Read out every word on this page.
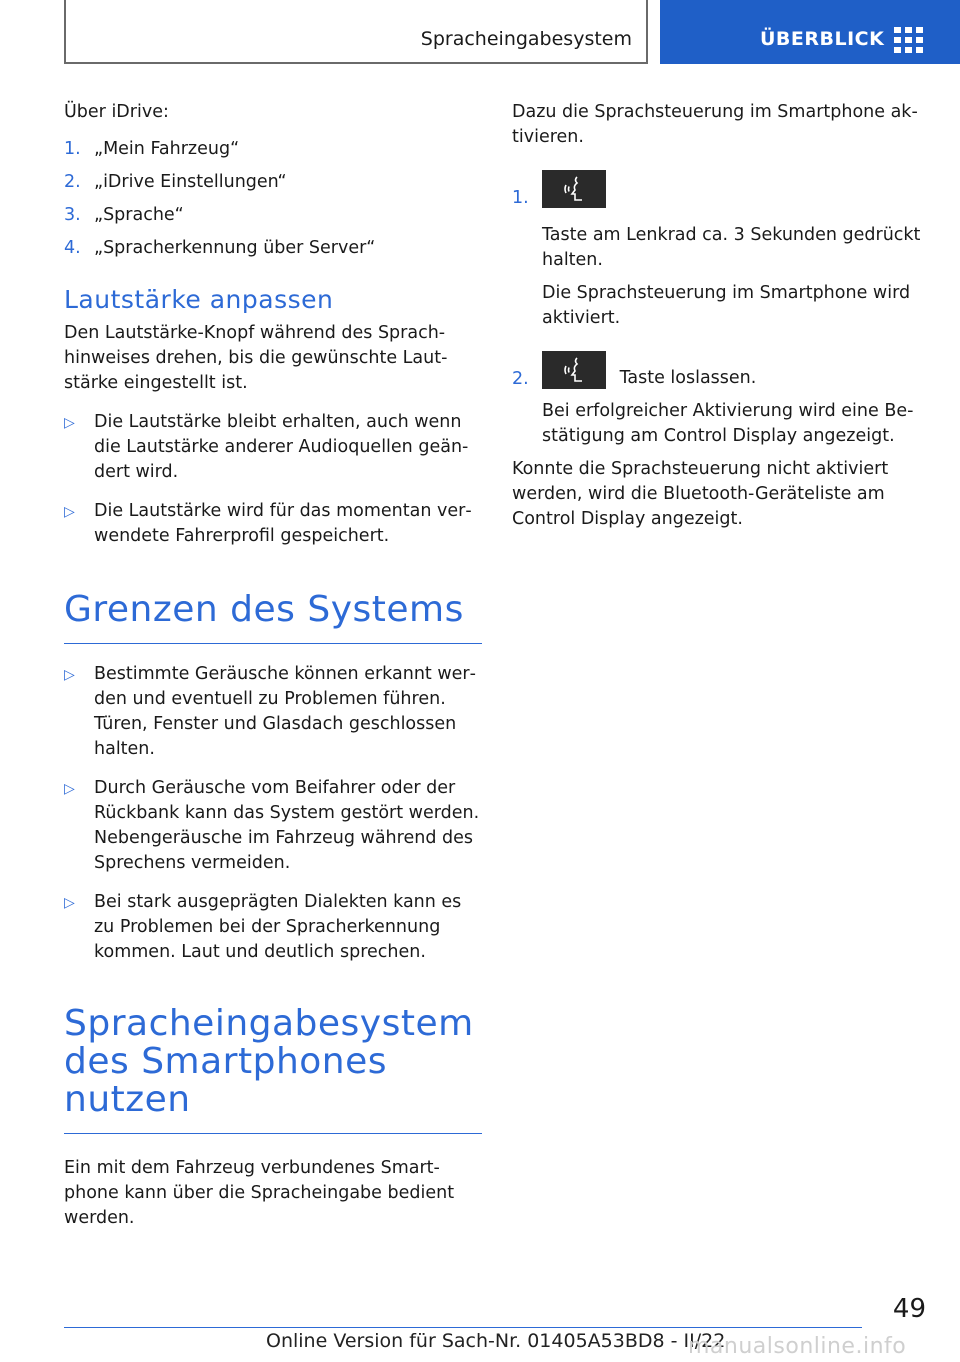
Spracheingabesystem	ÜBERBLICK

Über iDrive:

1. „Mein Fahrzeug“
2. „iDrive Einstellungen“
3. „Sprache“
4. „Spracherkennung über Server“
Lautstärke anpassen

Den Lautstärke-Knopf während des Sprachhinweises drehen, bis die gewünschte Lautstärke eingestellt ist.

▷ Die Lautstärke bleibt erhalten, auch wenn die Lautstärke anderer Audioquellen geändert wird.
▷ Die Lautstärke wird für das momentan verwendete Fahrerprofil gespeichert.
Grenzen des Systems
▷ Bestimmte Geräusche können erkannt werden und eventuell zu Problemen führen. Türen, Fenster und Glasdach geschlossen halten.
▷ Durch Geräusche vom Beifahrer oder der Rückbank kann das System gestört werden. Nebengeräusche im Fahrzeug während des Sprechens vermeiden.
▷ Bei stark ausgeprägten Dialekten kann es zu Problemen bei der Spracherkennung kommen. Laut und deutlich sprechen.
Spracheingabesystem des Smartphones nutzen

Ein mit dem Fahrzeug verbundenes Smartphone kann über die Spracheingabe bedient werden.

Dazu die Sprachsteuerung im Smartphone aktivieren.

1.
Taste am Lenkrad ca. 3 Sekunden gedrückt halten.

Die Sprachsteuerung im Smartphone wird aktiviert.

2.	Taste loslassen.

Bei erfolgreicher Aktivierung wird eine Bestätigung am Control Display angezeigt.

Konnte die Sprachsteuerung nicht aktiviert werden, wird die Bluetooth-Geräteliste am Control Display angezeigt.

49
Online Version für Sach-Nr. 01405A53BD8 - II/22
manualsonline.info
